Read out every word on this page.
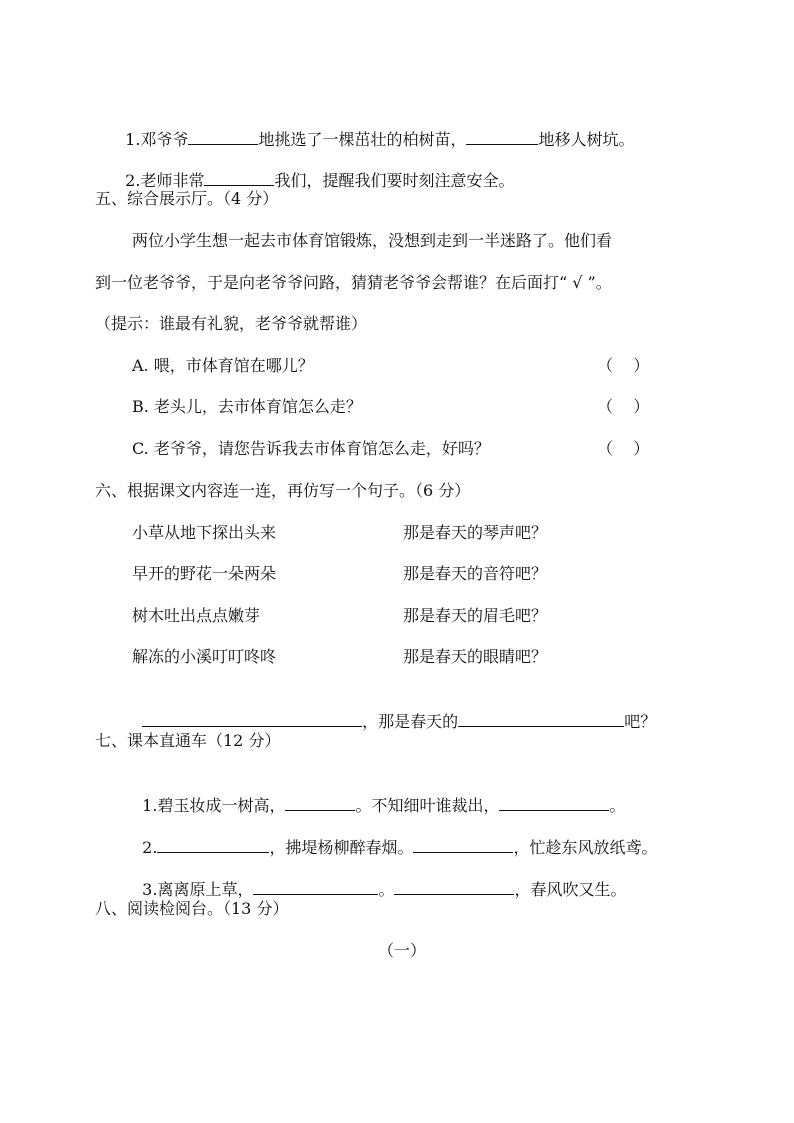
1.邓爷爷	地挑选了一棵茁壮的柏树苗，	地移人树坑。

2.老师非常	我们，提醒我们要时刻注意安全。

五、综合展示厅。（4 分）
两位小学生想一起去市体育馆锻炼，没想到走到一半迷路了。他们看
到一位老爷爷，于是向老爷爷问路，猜猜老爷爷会帮谁？在后面打“ √ ”。
（提示：谁最有礼貌，老爷爷就帮谁）
A. 喂，市体育馆在哪儿？	（    ）
B. 老头儿，去市体育馆怎么走？	（    ）
C. 老爷爷，请您告诉我去市体育馆怎么走，好吗？	（    ）
六、根据课文内容连一连，再仿写一个句子。（6 分）
小草从地下探出头来	那是春天的琴声吧？
早开的野花一朵两朵	那是春天的音符吧？
树木吐出点点嫩芽	那是春天的眉毛吧？
解冻的小溪叮叮咚咚	那是春天的眼睛吧？

，那是春天的	吧？

七、课本直通车（12 分）

1.碧玉妆成一树高，	。不知细叶谁裁出，	。

2.	，拂堤杨柳醉春烟。	，忙趁东风放纸鸢。

3.离离原上草，	。	，春风吹又生。

八、阅读检阅台。（13 分）
（一）
